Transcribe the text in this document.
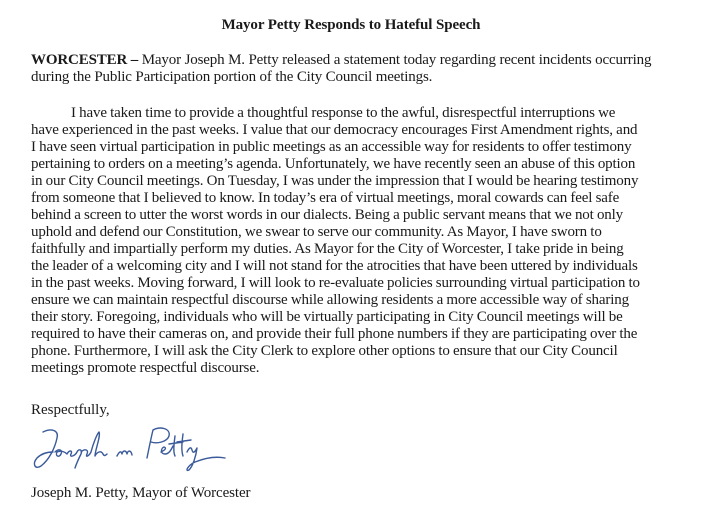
Mayor Petty Responds to Hateful Speech
WORCESTER – Mayor Joseph M. Petty released a statement today regarding recent incidents occurring during the Public Participation portion of the City Council meetings.
I have taken time to provide a thoughtful response to the awful, disrespectful interruptions we
have experienced in the past weeks. I value that our democracy encourages First Amendment rights, and
I have seen virtual participation in public meetings as an accessible way for residents to offer testimony
pertaining to orders on a meeting’s agenda. Unfortunately, we have recently seen an abuse of this option
in our City Council meetings. On Tuesday, I was under the impression that I would be hearing testimony
from someone that I believed to know. In today’s era of virtual meetings, moral cowards can feel safe
behind a screen to utter the worst words in our dialects. Being a public servant means that we not only
uphold and defend our Constitution, we swear to serve our community. As Mayor, I have sworn to
faithfully and impartially perform my duties. As Mayor for the City of Worcester, I take pride in being
the leader of a welcoming city and I will not stand for the atrocities that have been uttered by individuals
in the past weeks. Moving forward, I will look to re-evaluate policies surrounding virtual participation to
ensure we can maintain respectful discourse while allowing residents a more accessible way of sharing
their story. Foregoing, individuals who will be virtually participating in City Council meetings will be
required to have their cameras on, and provide their full phone numbers if they are participating over the
phone. Furthermore, I will ask the City Clerk to explore other options to ensure that our City Council
meetings promote respectful discourse.
Respectfully,
Joseph M. Petty, Mayor of Worcester
